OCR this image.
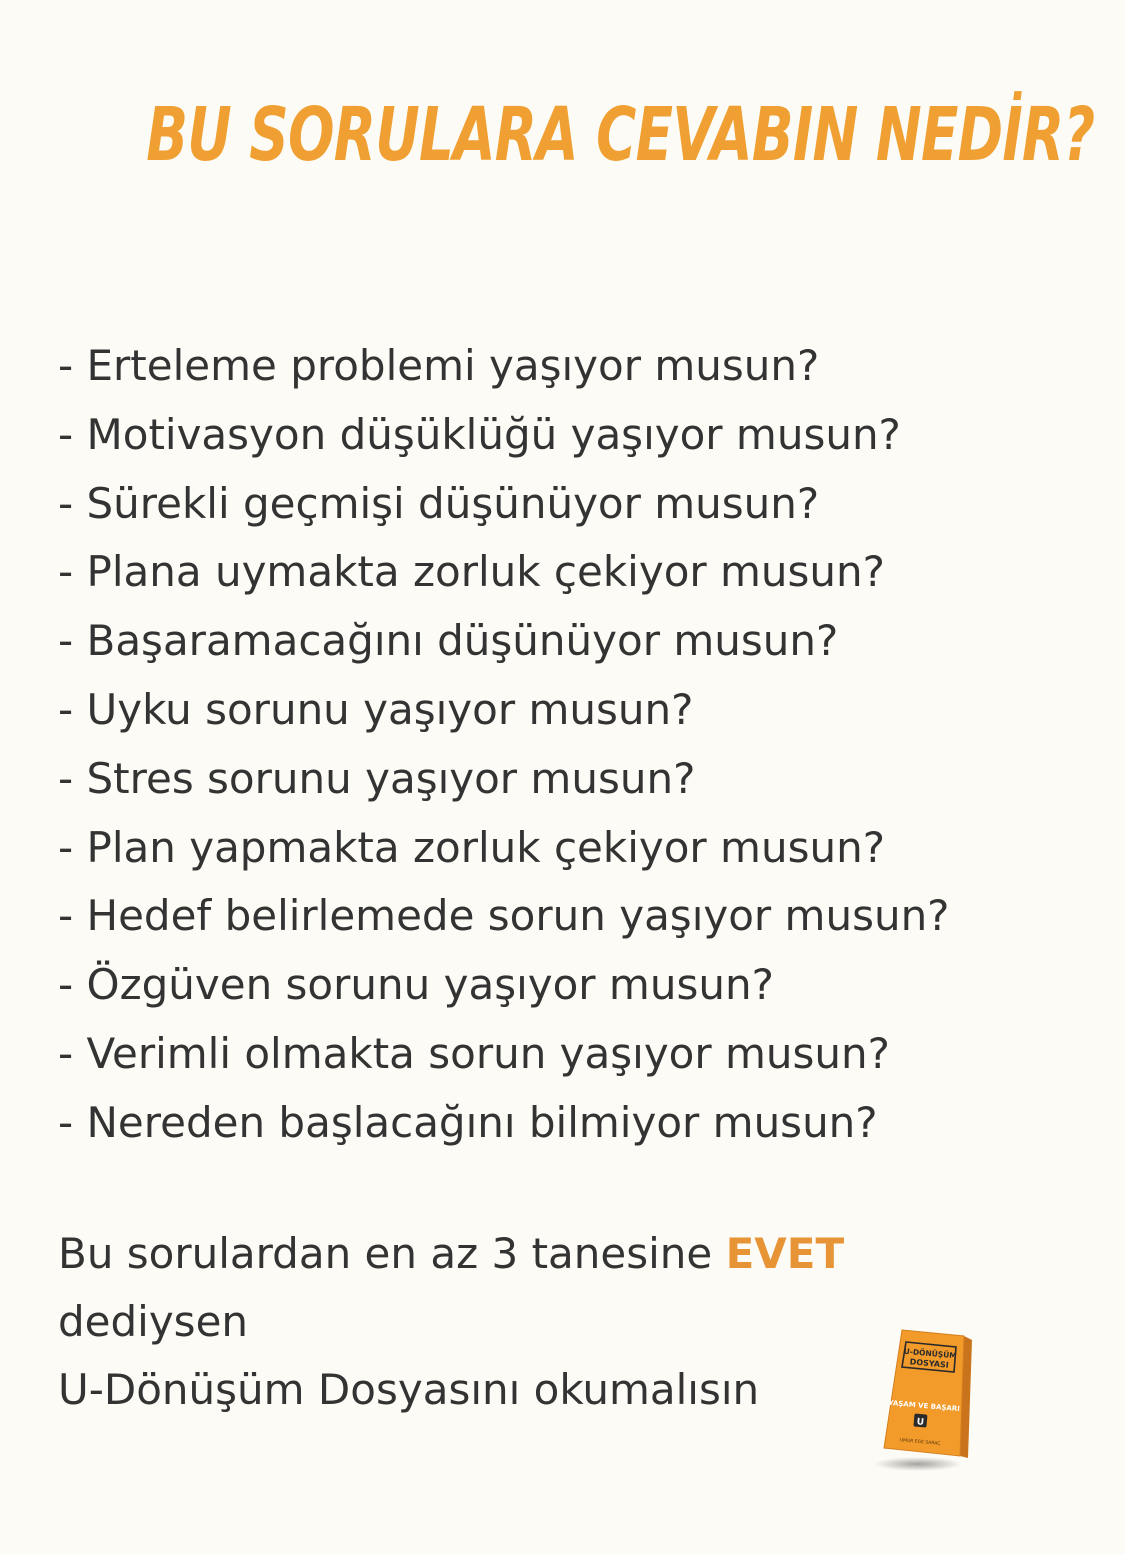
BU SORULARA CEVABIN NEDİR?
- Erteleme problemi yaşıyor musun?
- Motivasyon düşüklüğü yaşıyor musun?
- Sürekli geçmişi düşünüyor musun?
- Plana uymakta zorluk çekiyor musun?
- Başaramacağını düşünüyor musun?
- Uyku sorunu yaşıyor musun?
- Stres sorunu yaşıyor musun?
- Plan yapmakta zorluk çekiyor musun?
- Hedef belirlemede sorun yaşıyor musun?
- Özgüven sorunu yaşıyor musun?
- Verimli olmakta sorun yaşıyor musun?
- Nereden başlacağını bilmiyor musun?
Bu sorulardan en az 3 tanesine EVET
dediysen
U-Dönüşüm Dosyasını okumalısın
U-DÖNÜŞÜM
DOSYASI
YAŞAM VE BAŞARI
U
UMUR EGE SARAÇ
